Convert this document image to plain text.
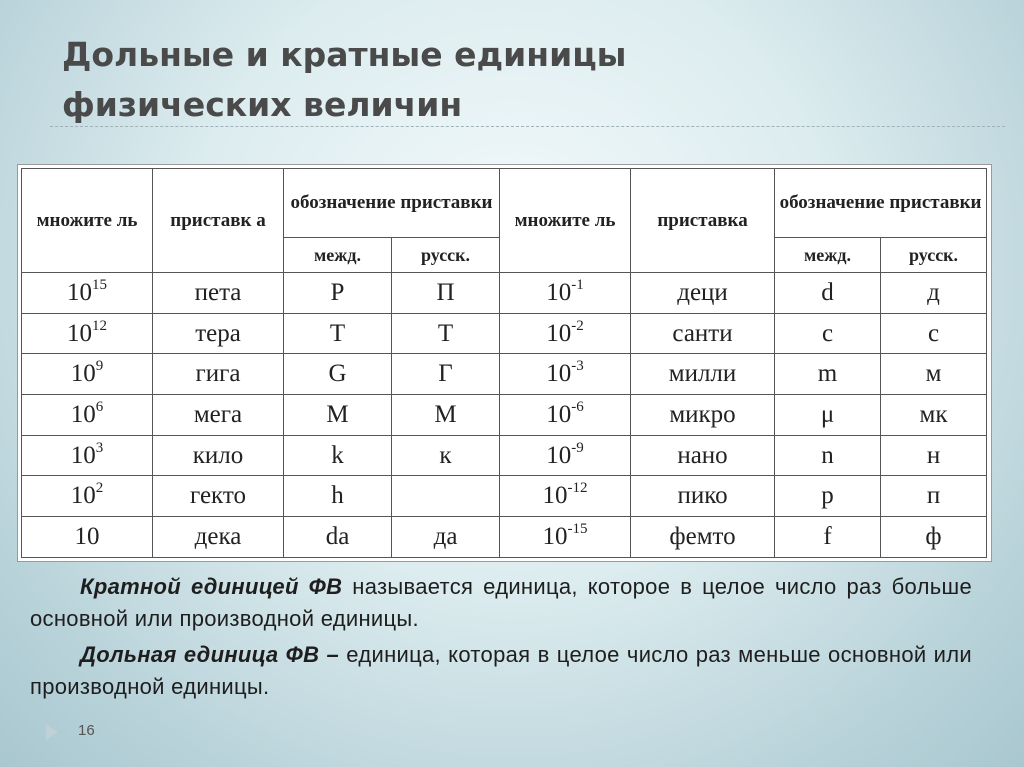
Дольные и кратные единицы
физических величин
множите ль	приставк а	обозначение приставки		множите ль	приставка	обозначение приставки	
		межд.	русск.			межд.	русск.
$10^{15}$	пета	P	П	$10^{-1}$	деци	d	д
$10^{12}$	тера	T	Т	$10^{-2}$	санти	c	с
$10^9$	гига	G	Г	$10^{-3}$	милли	m	м
$10^6$	мега	M	М	$10^{-6}$	микро	μ	мк
$10^3$	кило	k	к	$10^{-9}$	нано	n	н
$10^2$	гекто	h		$10^{-12}$	пико	p	п
10	дека	da	да	$10^{-15}$	фемто	f	ф
Кратной единицей ФВ называется единица, которое в целое число раз больше основной или производной единицы.
Дольная единица ФВ – единица, которая в целое число раз меньше основной или производной единицы.
16
